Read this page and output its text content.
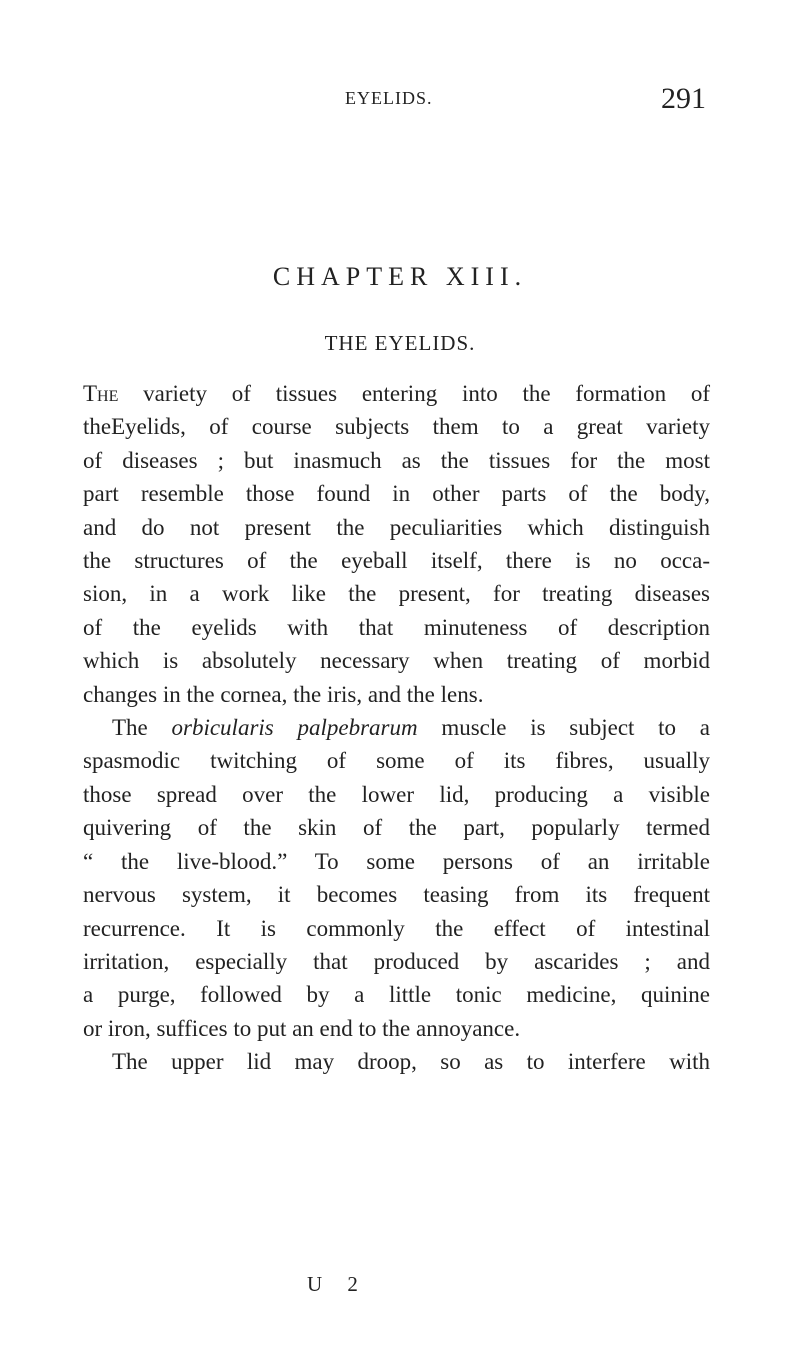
EYELIDS.	291
CHAPTER XIII.
THE EYELIDS.
The variety of tissues entering into the formation of
theEyelids, of course subjects them to a great variety
of diseases ; but inasmuch as the tissues for the most
part resemble those found in other parts of the body,
and do not present the peculiarities which distinguish
the structures of the eyeball itself, there is no occa-
sion, in a work like the present, for treating diseases
of the eyelids with that minuteness of description
which is absolutely necessary when treating of morbid
changes in the cornea, the iris, and the lens.
The orbicularis palpebrarum muscle is subject to a
spasmodic twitching of some of its fibres, usually
those spread over the lower lid, producing a visible
quivering of the skin of the part, popularly termed
“ the live-blood.” To some persons of an irritable
nervous system, it becomes teasing from its frequent
recurrence. It is commonly the effect of intestinal
irritation, especially that produced by ascarides ; and
a purge, followed by a little tonic medicine, quinine
or iron, suffices to put an end to the annoyance.
The upper lid may droop, so as to interfere with
U 2
